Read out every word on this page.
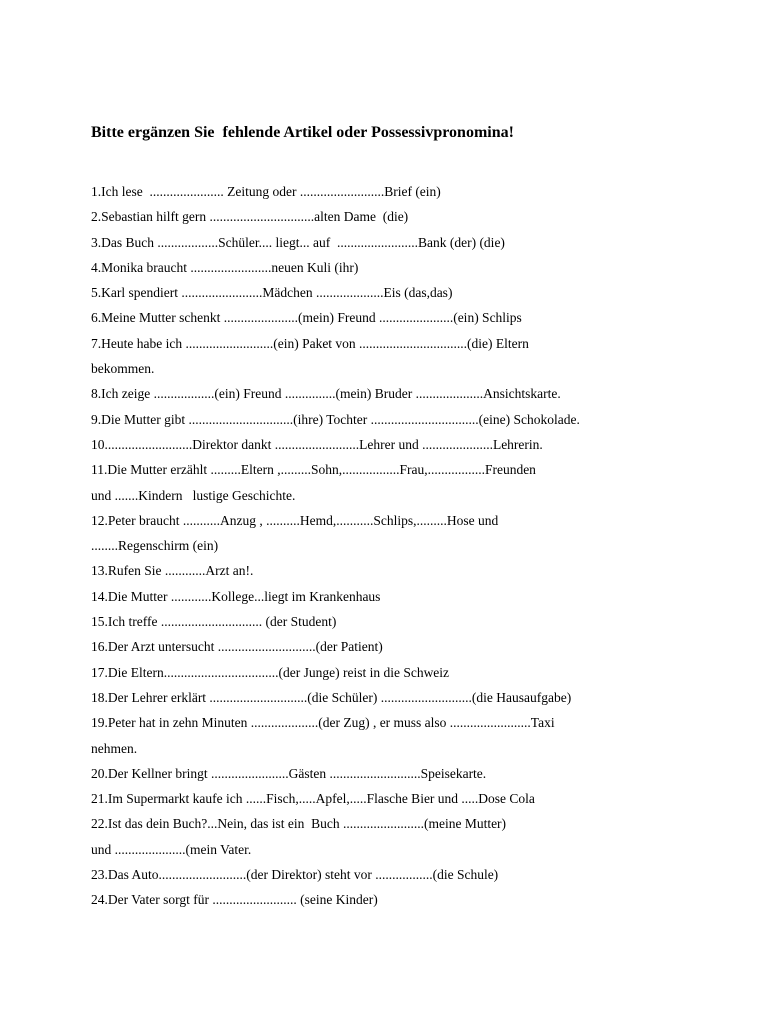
Bitte ergänzen Sie  fehlende Artikel oder Possessivpronomina!
1.Ich lese  ...................... Zeitung oder .........................Brief (ein)
2.Sebastian hilft gern ...............................alten Dame  (die)
3.Das Buch ..................Schüler.... liegt... auf  ........................Bank (der) (die)
4.Monika braucht ........................neuen Kuli (ihr)
5.Karl spendiert ........................Mädchen ....................Eis (das,das)
6.Meine Mutter schenkt ......................(mein) Freund ......................(ein) Schlips
7.Heute habe ich ..........................(ein) Paket von ................................(die) Eltern
bekommen.
8.Ich zeige ..................(ein) Freund ...............(mein) Bruder ....................Ansichtskarte.
9.Die Mutter gibt ...............................(ihre) Tochter ................................(eine) Schokolade.
10..........................Direktor dankt .........................Lehrer und .....................Lehrerin.
11.Die Mutter erzählt .........Eltern ,.........Sohn,.................Frau,.................Freunden
und .......Kindern   lustige Geschichte.
12.Peter braucht ...........Anzug , ..........Hemd,...........Schlips,.........Hose und
........Regenschirm (ein)
13.Rufen Sie ............Arzt an!.
14.Die Mutter ............Kollege...liegt im Krankenhaus
15.Ich treffe .............................. (der Student)
16.Der Arzt untersucht .............................(der Patient)
17.Die Eltern..................................(der Junge) reist in die Schweiz
18.Der Lehrer erklärt .............................(die Schüler) ...........................(die Hausaufgabe)
19.Peter hat in zehn Minuten ....................(der Zug) , er muss also ........................Taxi
nehmen.
20.Der Kellner bringt .......................Gästen ...........................Speisekarte.
21.Im Supermarkt kaufe ich ......Fisch,.....Apfel,.....Flasche Bier und .....Dose Cola
22.Ist das dein Buch?...Nein, das ist ein  Buch ........................(meine Mutter)
und .....................(mein Vater.
23.Das Auto..........................(der Direktor) steht vor .................(die Schule)
24.Der Vater sorgt für ......................... (seine Kinder)
